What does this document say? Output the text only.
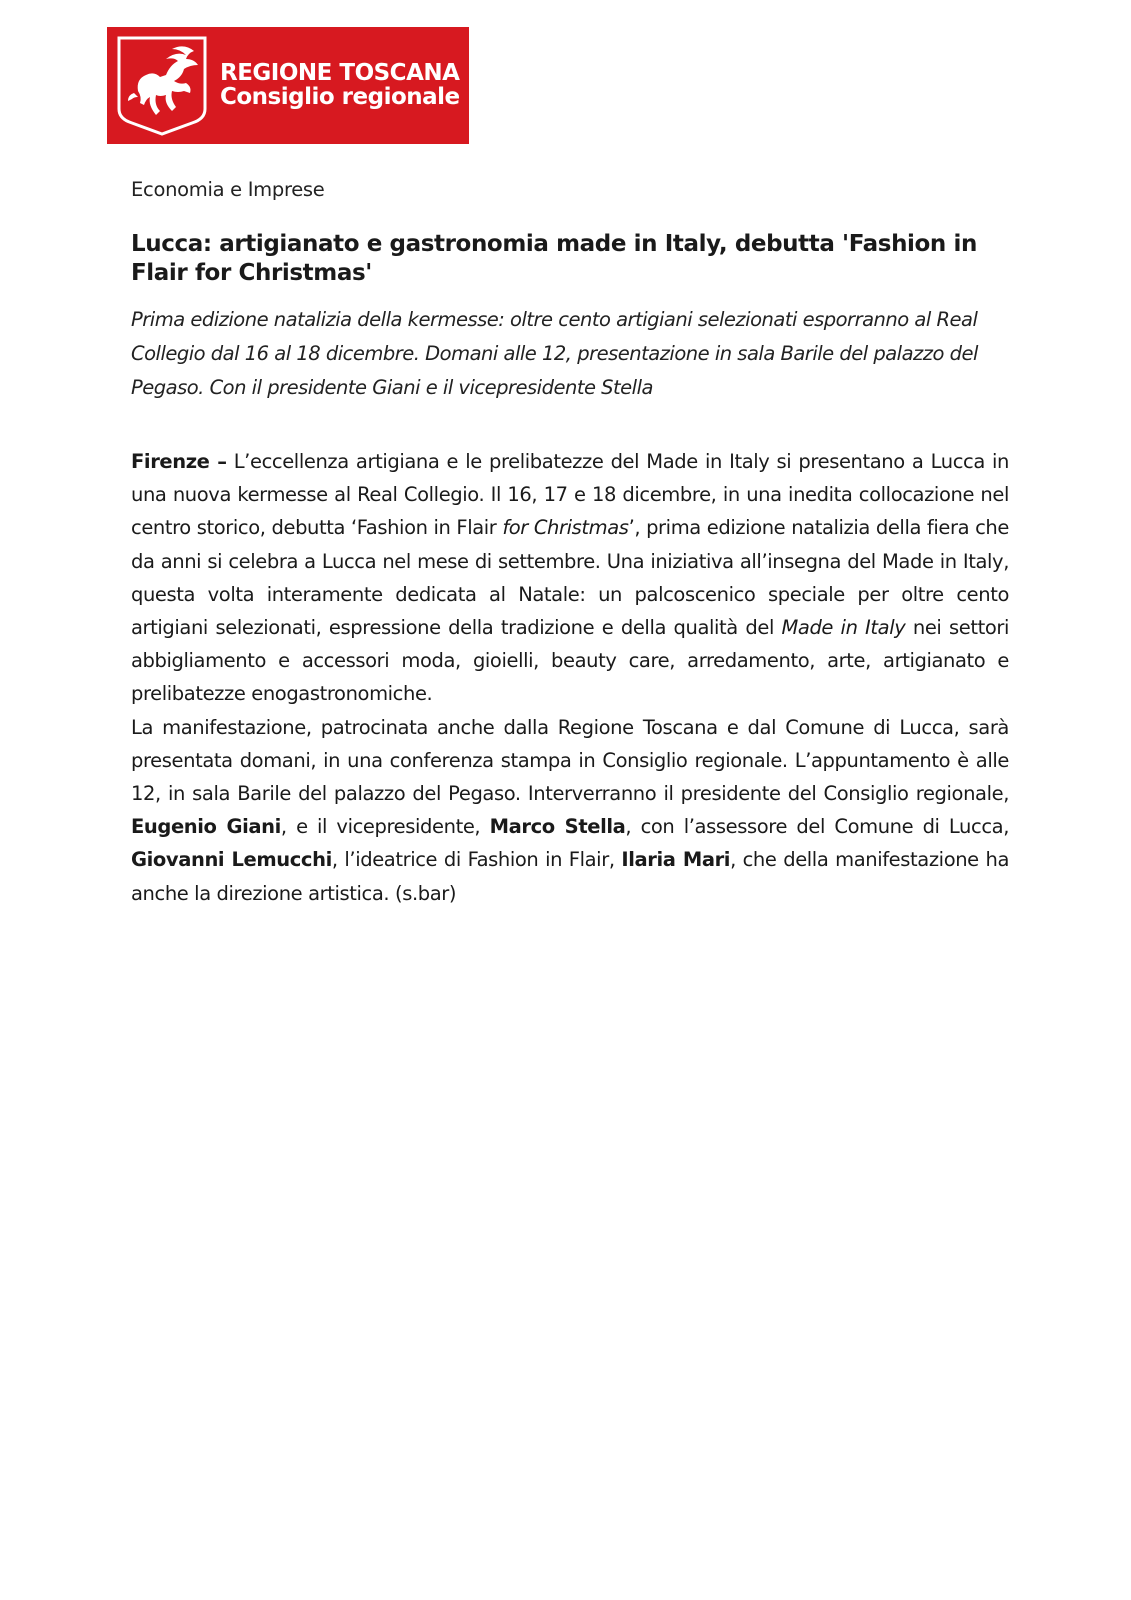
REGIONE TOSCANA
Consiglio regionale
Economia e Imprese
Lucca: artigianato e gastronomia made in Italy, debutta 'Fashion in Flair for Christmas'
Prima edizione natalizia della kermesse: oltre cento artigiani selezionati esporranno al Real Collegio dal 16 al 18 dicembre. Domani alle 12, presentazione in sala Barile del palazzo del Pegaso. Con il presidente Giani e il vicepresidente Stella

Firenze – L’eccellenza artigiana e le prelibatezze del Made in Italy si presentano a Lucca in una nuova kermesse al Real Collegio. Il 16, 17 e 18 dicembre, in una inedita collocazione nel centro storico, debutta ‘Fashion in Flair for Christmas’, prima edizione natalizia della fiera che da anni si celebra a Lucca nel mese di settembre. Una iniziativa all’insegna del Made in Italy, questa volta interamente dedicata al Natale: un palcoscenico speciale per oltre cento artigiani selezionati, espressione della tradizione e della qualità del Made in Italy nei settori abbigliamento e accessori moda, gioielli, beauty care, arredamento, arte, artigianato e prelibatezze enogastronomiche.

La manifestazione, patrocinata anche dalla Regione Toscana e dal Comune di Lucca, sarà presentata domani, in una conferenza stampa in Consiglio regionale. L’appuntamento è alle 12, in sala Barile del palazzo del Pegaso. Interverranno il presidente del Consiglio regionale, Eugenio Giani, e il vicepresidente, Marco Stella, con l’assessore del Comune di Lucca, Giovanni Lemucchi, l’ideatrice di Fashion in Flair, Ilaria Mari, che della manifestazione ha anche la direzione artistica. (s.bar)
